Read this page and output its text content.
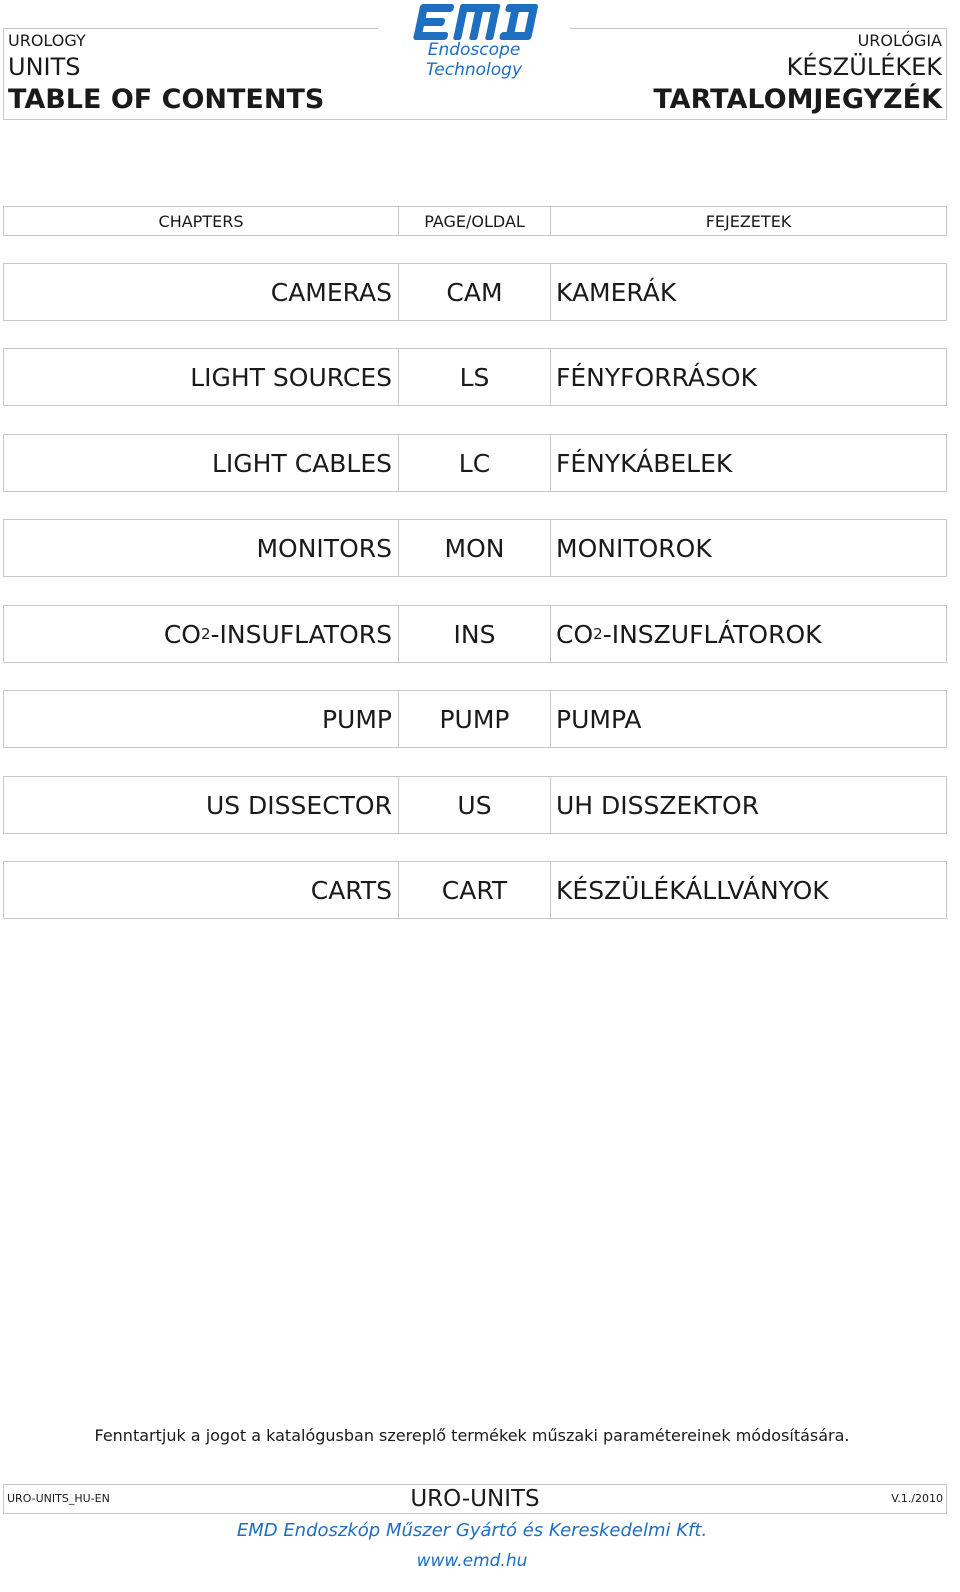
UROLOGY
UNITS
TABLE OF CONTENTS
UROLÓGIA
KÉSZÜLÉKEK
TARTALOMJEGYZÉK
Endoscope Technology
CHAPTERS	PAGE/OLDAL	FEJEZETEK
CAMERAS	CAM	KAMERÁK
LIGHT SOURCES	LS	FÉNYFORRÁSOK
LIGHT CABLES	LC	FÉNYKÁBELEK
MONITORS	MON	MONITOROK
CO 2 -INSUFLATORS	INS	CO 2 -INSZUFLÁTOROK
PUMP	PUMP	PUMPA
US DISSECTOR	US	UH DISSZEKTOR
CARTS	CART	KÉSZÜLÉKÁLLVÁNYOK
Fenntartjuk a jogot a katalógusban szereplő termékek műszaki paramétereinek módosítására.
URO-UNITS_HU-EN	URO-UNITS	V.1./2010
EMD Endoszkóp Műszer Gyártó és Kereskedelmi Kft.
www.emd.hu
